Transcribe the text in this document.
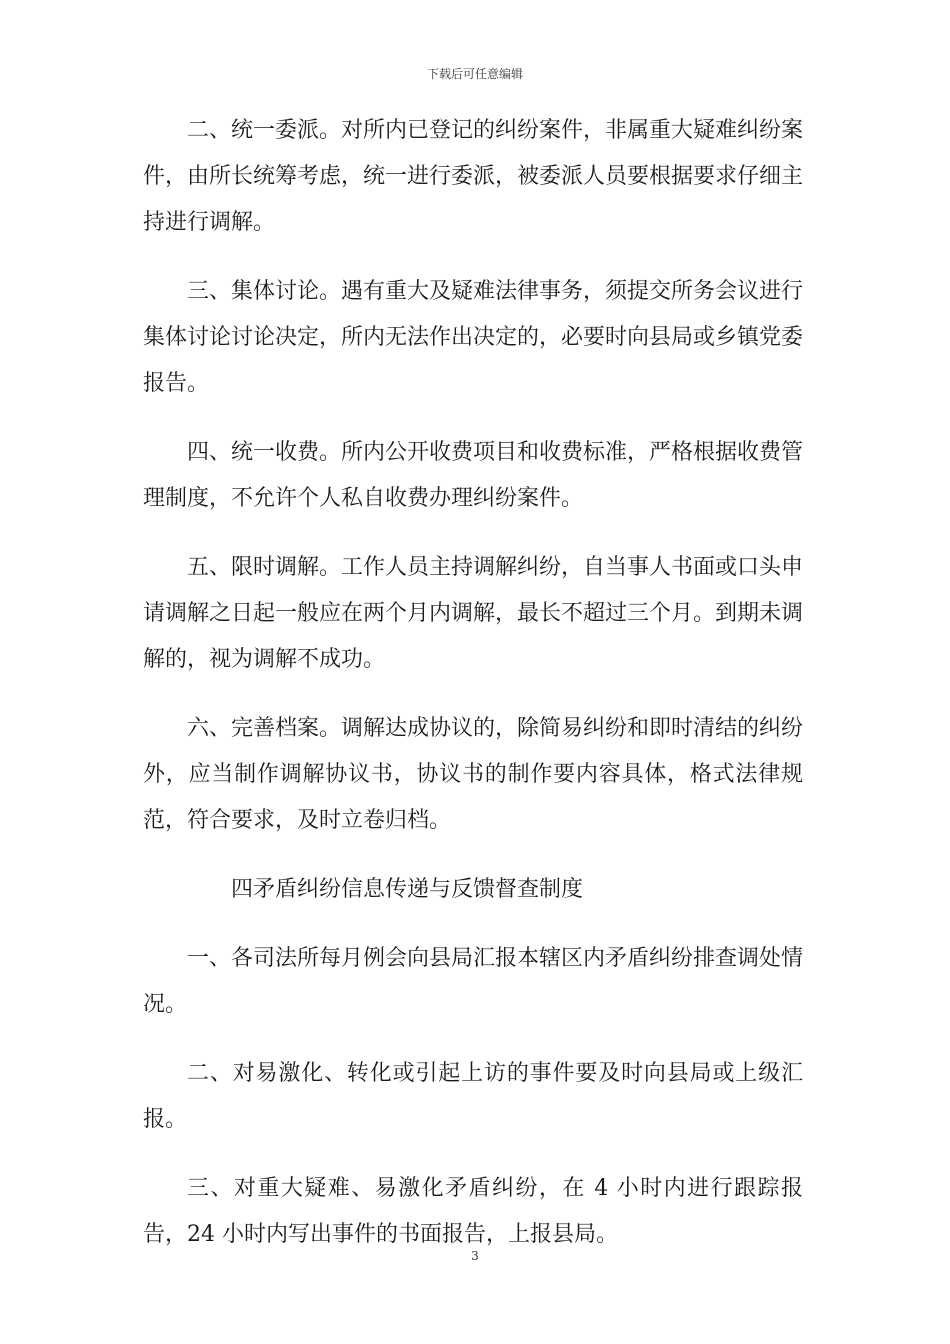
下载后可任意编辑

二、统一委派。对所内已登记的纠纷案件，非属重大疑难纠纷案件，由所长统筹考虑，统一进行委派，被委派人员要根据要求仔细主持进行调解。

三、集体讨论。遇有重大及疑难法律事务，须提交所务会议进行集体讨论讨论决定，所内无法作出决定的，必要时向县局或乡镇党委报告。

四、统一收费。所内公开收费项目和收费标准，严格根据收费管理制度，不允许个人私自收费办理纠纷案件。

五、限时调解。工作人员主持调解纠纷，自当事人书面或口头申请调解之日起一般应在两个月内调解，最长不超过三个月。到期未调解的，视为调解不成功。

六、完善档案。调解达成协议的，除简易纠纷和即时清结的纠纷外，应当制作调解协议书，协议书的制作要内容具体，格式法律规范，符合要求，及时立卷归档。

四矛盾纠纷信息传递与反馈督查制度

一、各司法所每月例会向县局汇报本辖区内矛盾纠纷排查调处情况。

二、对易激化、转化或引起上访的事件要及时向县局或上级汇报。

三、对重大疑难、易激化矛盾纠纷，在 4 小时内进行跟踪报告，24 小时内写出事件的书面报告，上报县局。

3
